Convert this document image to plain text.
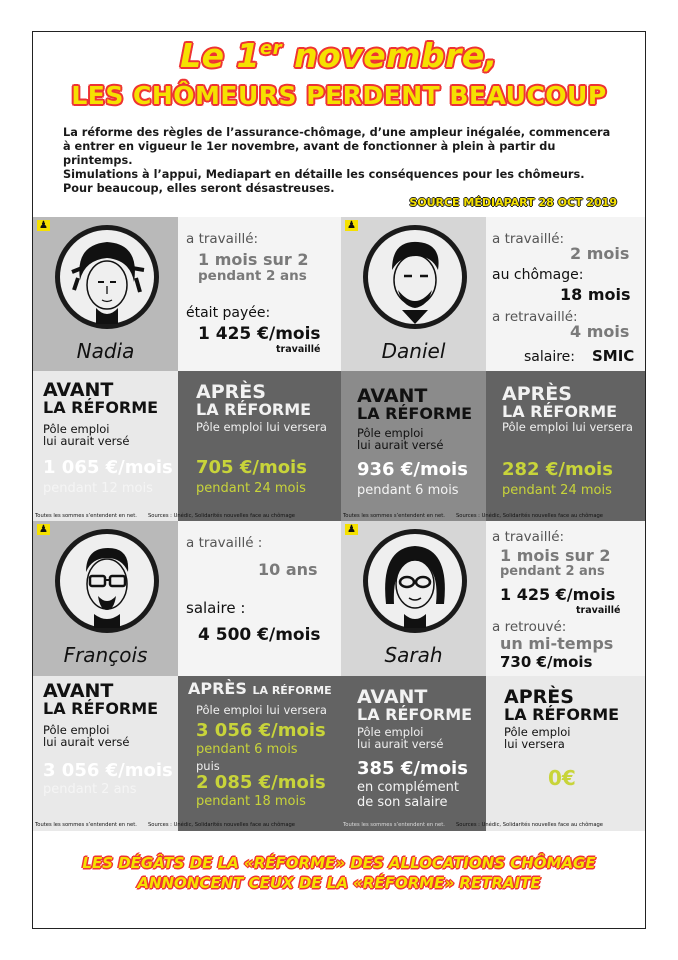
Le 1er novembre,
LES CHÔMEURS PERDENT BEAUCOUP

La réforme des règles de l’assurance-chômage, d’une ampleur inégalée, commencera

à entrer en vigueur le 1er novembre, avant de fonctionner à plein à partir du printemps.

Simulations à l’appui, Mediapart en détaille les conséquences pour les chômeurs.

Pour beaucoup, elles seront désastreuses.

SOURCE MÉDIAPART 28 OCT 2019
♟
Nadia
a travaillé:
1 mois sur 2
pendant 2 ans
était payée:
1 425 €/mois
travaillé
AVANT
LA RÉFORME
Pôle emploi
lui aurait versé
1 065 €/mois
pendant 12 mois
Toutes les sommes s’entendent en net.
APRÈS
LA RÉFORME
Pôle emploi lui versera
705 €/mois
pendant 24 mois
Sources : Unédic, Solidarités nouvelles face au chômage
♟
Daniel
a travaillé:
2 mois
au chômage:
18 mois
a retravaillé:
4 mois
salaire: SMIC
AVANT
LA RÉFORME
Pôle emploi
lui aurait versé
936 €/mois
pendant 6 mois
Toutes les sommes s’entendent en net.
APRÈS
LA RÉFORME
Pôle emploi lui versera
282 €/mois
pendant 24 mois
Sources : Unédic, Solidarités nouvelles face au chômage
♟
François
a travaillé :
10 ans
salaire :
4 500 €/mois
AVANT
LA RÉFORME
Pôle emploi
lui aurait versé
3 056 €/mois
pendant 2 ans
Toutes les sommes s’entendent en net.
APRÈS LA RÉFORME
Pôle emploi lui versera
3 056 €/mois
pendant 6 mois
puis
2 085 €/mois
pendant 18 mois
Sources : Unédic, Solidarités nouvelles face au chômage
♟
Sarah
a travaillé:
1 mois sur 2
pendant 2 ans
1 425 €/mois
travaillé
a retrouvé:
un mi-temps
730 €/mois
AVANT
LA RÉFORME
Pôle emploi
lui aurait versé
385 €/mois
en complément
de son salaire
Toutes les sommes s’entendent en net.
APRÈS
LA RÉFORME
Pôle emploi
lui versera
0€
Sources : Unédic, Solidarités nouvelles face au chômage
LES DÉGÂTS DE LA «RÉFORME» DES ALLOCATIONS CHÔMAGE
ANNONCENT CEUX DE LA «RÉFORME» RETRAITE
